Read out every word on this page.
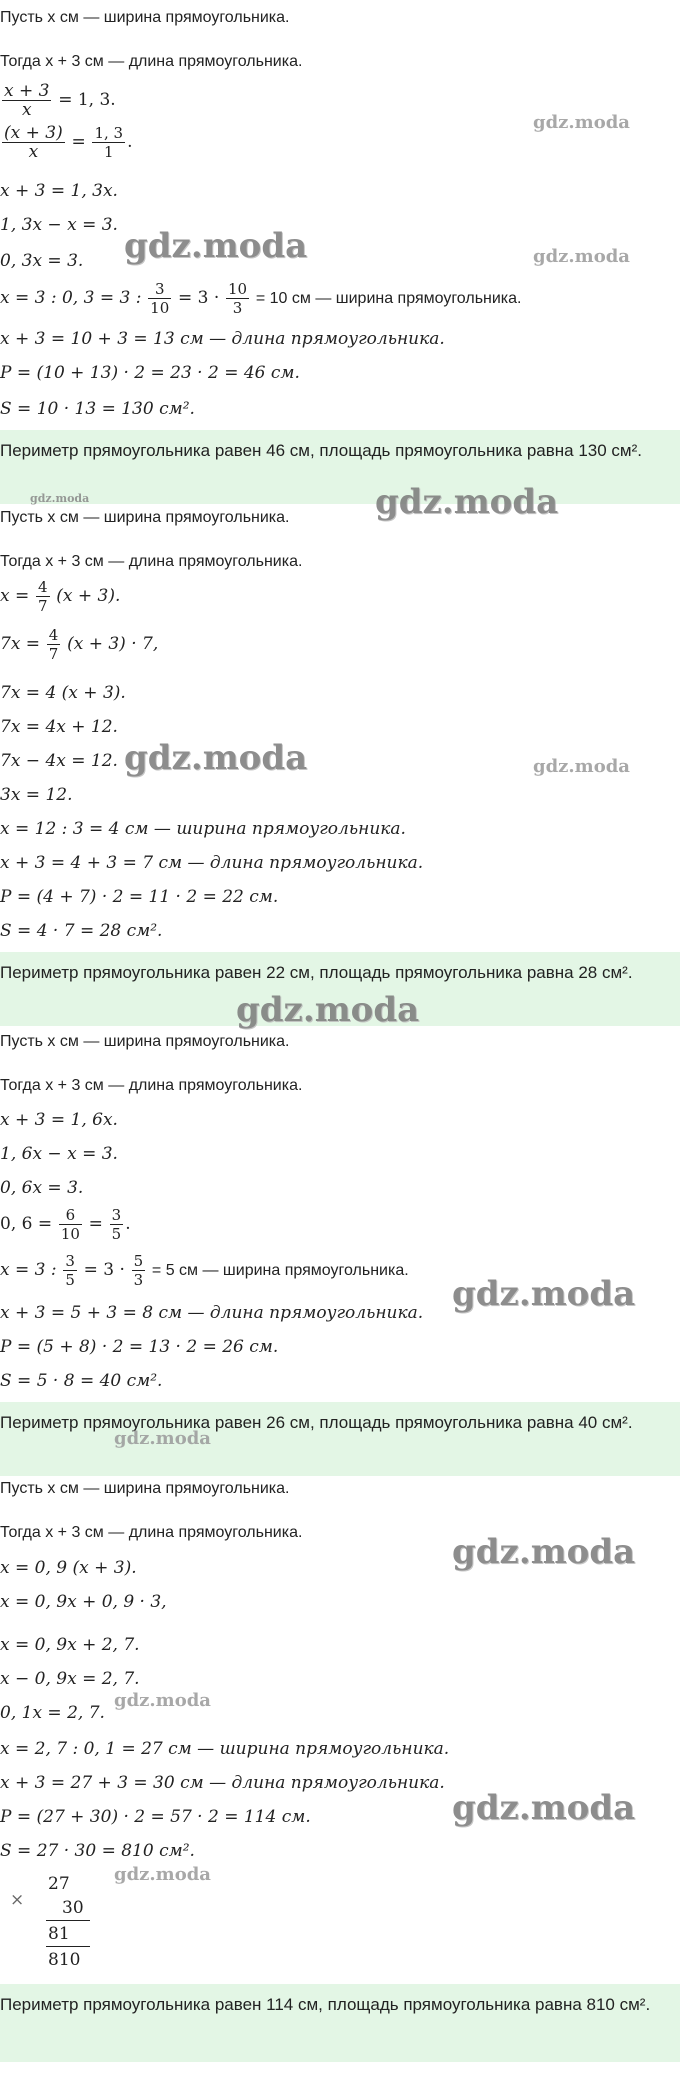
Пусть x см — ширина прямоугольника.
Тогда x + 3 см — длина прямоугольника.
$\frac{x + 3}{x} = 1$, 3.
$\frac{(x + 3)}{x} = \frac{1, 3}{1}$ .
x + 3 = 1, 3x.
1, 3x − x = 3.
0, 3x = 3.
x = 3 : 0, 3 = 3 : $\frac{3}{10} = 3 \cdot \frac{10}{3} = 10$ см — ширина прямоугольника.
x + 3 = 10 + 3 = 13 см — длина прямоугольника.
P = (10 + 13) · 2 = 23 · 2 = 46 см.
S = 10 · 13 = 130 см².
Периметр прямоугольника равен 46 см, площадь прямоугольника равна 130 см².
Пусть x см — ширина прямоугольника.
Тогда x + 3 см — длина прямоугольника.
$x = \frac{4}{7} (x + 3)$.
$7x = \frac{4}{7} (x + 3) \cdot 7$,
7x = 4 (x + 3).
7x = 4x + 12.
7x − 4x = 12.
3x = 12.
x = 12 : 3 = 4 см — ширина прямоугольника.
x + 3 = 4 + 3 = 7 см — длина прямоугольника.
P = (4 + 7) · 2 = 11 · 2 = 22 см.
S = 4 · 7 = 28 см².
Периметр прямоугольника равен 22 см, площадь прямоугольника равна 28 см².
Пусть x см — ширина прямоугольника.
Тогда x + 3 см — длина прямоугольника.
x + 3 = 1, 6x.
1, 6x − x = 3.
0, 6x = 3.
0, $6 = \frac{6}{10} = \frac{3}{5}$ .
x = 3 : $\frac{3}{5} = 3 \cdot \frac{5}{3} = 5$ см — ширина прямоугольника.
x + 3 = 5 + 3 = 8 см — длина прямоугольника.
P = (5 + 8) · 2 = 13 · 2 = 26 см.
S = 5 · 8 = 40 см².
Периметр прямоугольника равен 26 см, площадь прямоугольника равна 40 см².
Пусть x см — ширина прямоугольника.
Тогда x + 3 см — длина прямоугольника.
x = 0, 9 (x + 3).
x = 0, 9x + 0, 9 · 3,
x = 0, 9x + 2, 7.
x − 0, 9x = 2, 7.
0, 1x = 2, 7.
x = 2, 7 : 0, 1 = 27 см — ширина прямоугольника.
x + 3 = 27 + 3 = 30 см — длина прямоугольника.
P = (27 + 30) · 2 = 57 · 2 = 114 см.
S = 27 · 30 = 810 см².
×
27
30
81
810
Периметр прямоугольника равен 114 см, площадь прямоугольника равна 810 см².
gdz.moda
gdz.moda	gdz.moda
gdz.moda	gdz.moda
gdz.moda	gdz.moda
gdz.moda
gdz.moda
gdz.moda
gdz.moda
gdz.moda
gdz.moda
gdz.moda
